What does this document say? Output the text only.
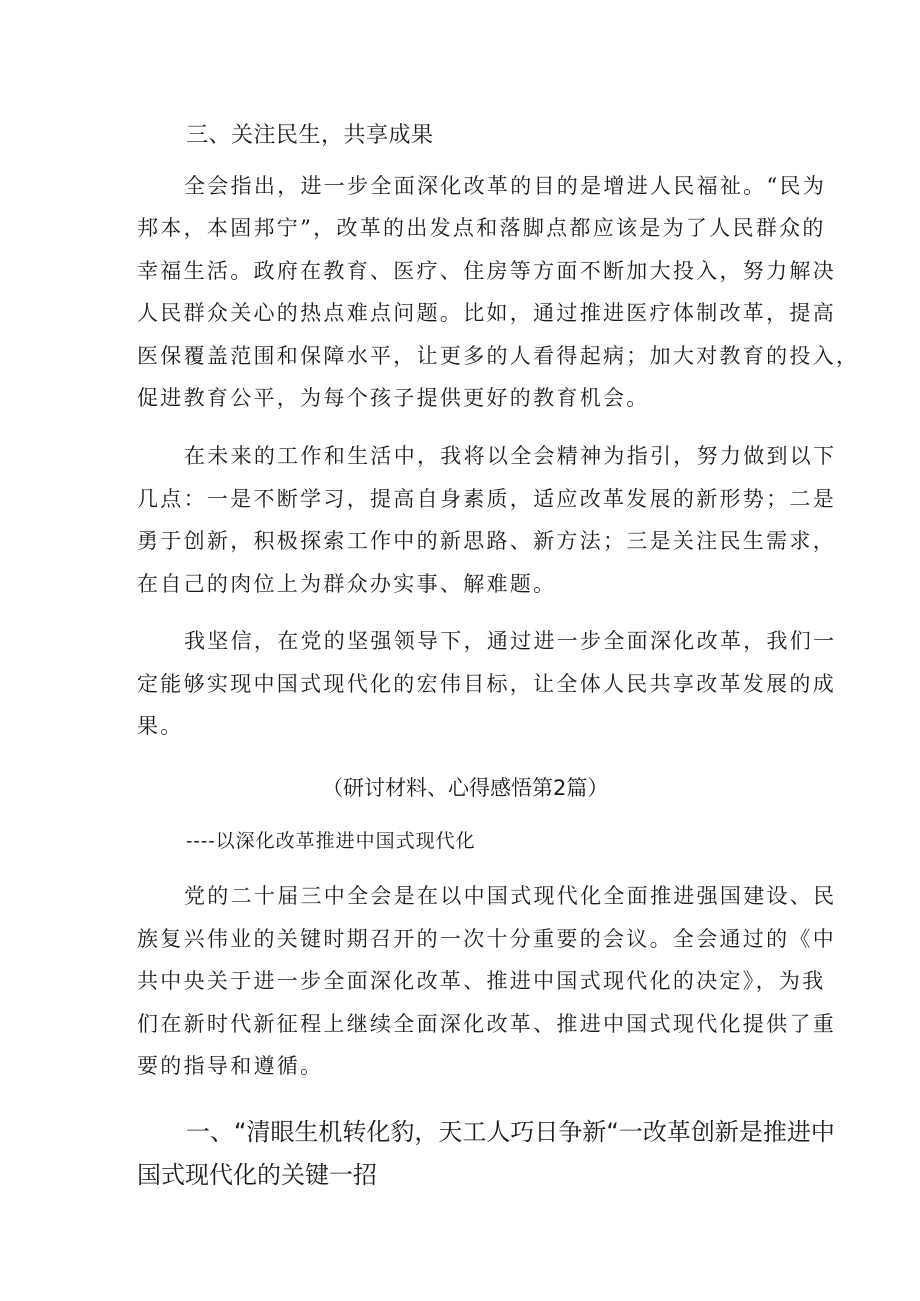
三、关注民生，共享成果
全会指出，进一步全面深化改革的目的是增进人民福祉。“民为
邦本，本固邦宁”，改革的出发点和落脚点都应该是为了人民群众的
幸福生活。政府在教育、医疗、住房等方面不断加大投入，努力解决
人民群众关心的热点难点问题。比如，通过推进医疗体制改革，提高
医保覆盖范围和保障水平，让更多的人看得起病；加大对教育的投入，
促进教育公平，为每个孩子提供更好的教育机会。
在未来的工作和生活中，我将以全会精神为指引，努力做到以下
几点：一是不断学习，提高自身素质，适应改革发展的新形势；二是
勇于创新，积极探索工作中的新思路、新方法；三是关注民生需求，
在自己的肉位上为群众办实事、解难题。
我坚信，在党的坚强领导下，通过进一步全面深化改革，我们一
定能够实现中国式现代化的宏伟目标，让全体人民共享改革发展的成
果。
（研讨材料、心得感悟第2篇）
----以深化改革推进中国式现代化
党的二十届三中全会是在以中国式现代化全面推进强国建设、民
族复兴伟业的关键时期召开的一次十分重要的会议。全会通过的《中
共中央关于进一步全面深化改革、推进中国式现代化的决定》，为我
们在新时代新征程上继续全面深化改革、推进中国式现代化提供了重
要的指导和遵循。
一、“清眼生机转化豹，天工人巧日争新“一改革创新是推进中
国式现代化的关键一招
